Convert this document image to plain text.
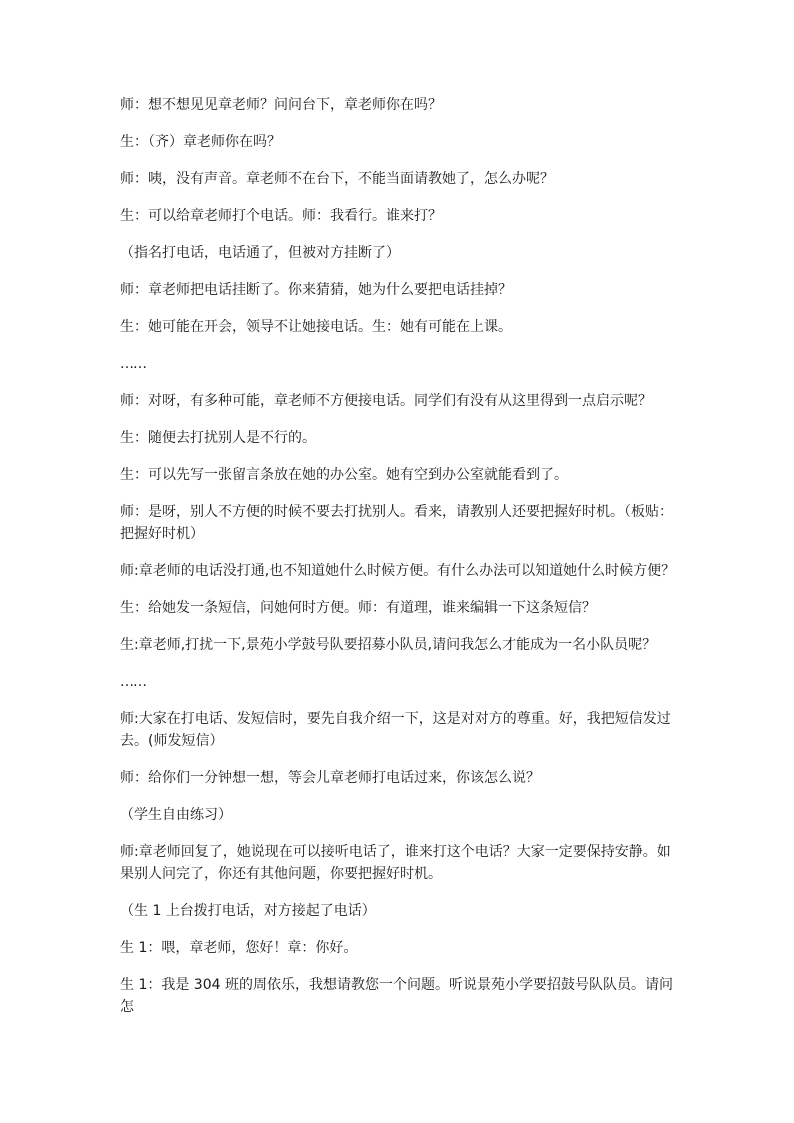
师：想不想见见章老师？问问台下，章老师你在吗？

生：（齐）章老师你在吗？

师：咦，没有声音。章老师不在台下，不能当面请教她了，怎么办呢？

生：可以给章老师打个电话。师：我看行。谁来打？

（指名打电话，电话通了，但被对方挂断了）

师：章老师把电话挂断了。你来猜猜，她为什么要把电话挂掉？

生：她可能在开会，领导不让她接电话。生：她有可能在上课。

……

师：对呀，有多种可能，章老师不方便接电话。同学们有没有从这里得到一点启示呢？

生：随便去打扰别人是不行的。

生：可以先写一张留言条放在她的办公室。她有空到办公室就能看到了。

师：是呀，别人不方便的时候不要去打扰别人。看来，请教别人还要把握好时机。（板贴：把握好时机）

师:章老师的电话没打通,也不知道她什么时候方便。有什么办法可以知道她什么时候方便？

生：给她发一条短信，问她何时方便。师：有道理，谁来编辑一下这条短信？

生:章老师,打扰一下,景苑小学鼓号队要招募小队员,请问我怎么才能成为一名小队员呢？

……

师:大家在打电话、发短信时，要先自我介绍一下，这是对对方的尊重。好，我把短信发过去。(师发短信）

师：给你们一分钟想一想，等会儿章老师打电话过来，你该怎么说？

（学生自由练习）

师:章老师回复了，她说现在可以接听电话了，谁来打这个电话？大家一定要保持安静。如果别人问完了，你还有其他问题，你要把握好时机。

（生 1 上台拨打电话，对方接起了电话）

生 1：喂，章老师，您好！章：你好。

生 1：我是 304 班的周依乐，我想请教您一个问题。听说景苑小学要招鼓号队队员。请问怎
